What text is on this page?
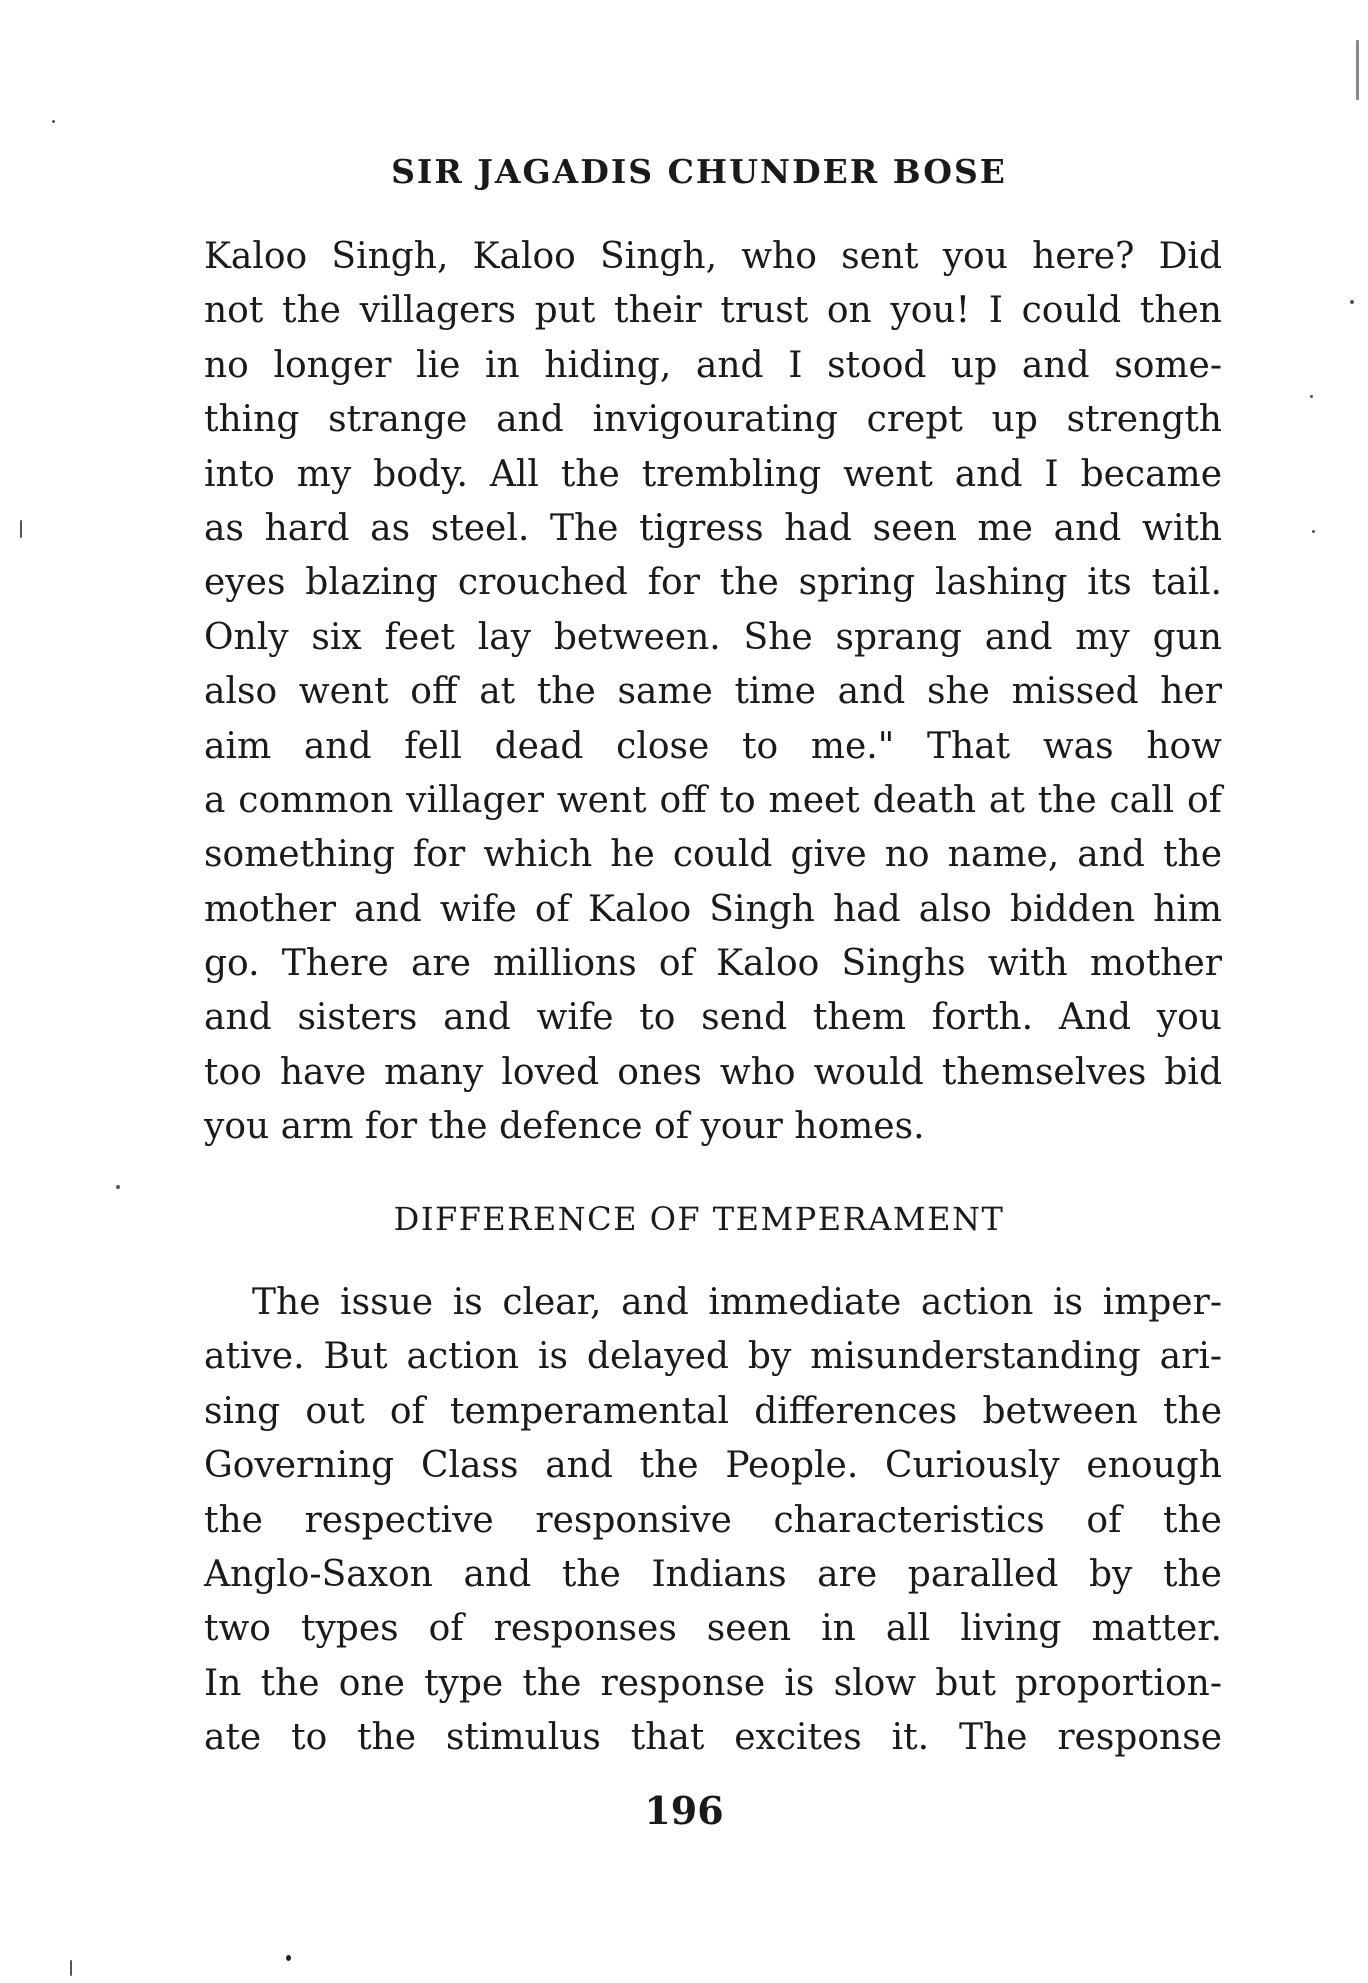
SIR JAGADIS CHUNDER BOSE
Kaloo Singh, Kaloo Singh, who sent you here? Did
not the villagers put their trust on you! I could then
no longer lie in hiding, and I stood up and some-
thing strange and invigourating crept up strength
into my body. All the trembling went and I became
as hard as steel. The tigress had seen me and with
eyes blazing crouched for the spring lashing its tail.
Only six feet lay between. She sprang and my gun
also went off at the same time and she missed her
aim and fell dead close to me." That was how
a common villager went off to meet death at the call of
something for which he could give no name, and the
mother and wife of Kaloo Singh had also bidden him
go. There are millions of Kaloo Singhs with mother
and sisters and wife to send them forth. And you
too have many loved ones who would themselves bid
you arm for the defence of your homes.
DIFFERENCE OF TEMPERAMENT
The issue is clear, and immediate action is imper-
ative. But action is delayed by misunderstanding ari-
sing out of temperamental differences between the
Governing Class and the People. Curiously enough
the respective responsive characteristics of the
Anglo-Saxon and the Indians are paralled by the
two types of responses seen in all living matter.
In the one type the response is slow but proportion-
ate to the stimulus that excites it. The response
196
